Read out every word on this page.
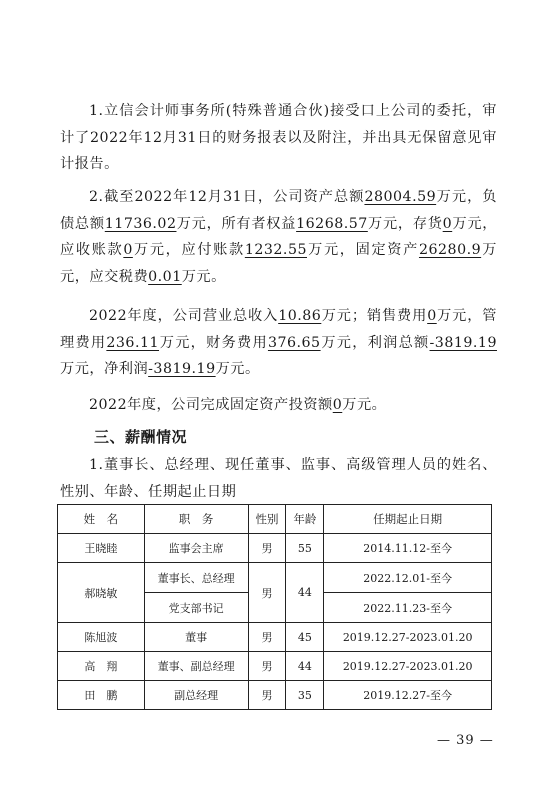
1.立信会计师事务所(特殊普通合伙)接受口上公司的委托，审计了2022年12月31日的财务报表以及附注，并出具无保留意见审计报告。

2.截至2022年12月31日，公司资产总额28004.59万元，负债总额11736.02万元，所有者权益16268.57万元，存货0万元，应收账款0万元，应付账款1232.55万元，固定资产26280.9万元，应交税费0.01万元。

2022年度，公司营业总收入10.86万元；销售费用0万元，管理费用236.11万元，财务费用376.65万元，利润总额-3819.19万元，净利润-3819.19万元。

2022年度，公司完成固定资产投资额0万元。

三、薪酬情况

1.董事长、总经理、现任董事、监事、高级管理人员的姓名、性别、年龄、任期起止日期

姓　名	职　务	性别	年龄	任期起止日期
王晓睦	监事会主席	男	55	2014.11.12-至今
郝晓敏	董事长、总经理	男	44	2022.12.01-至今
	党支部书记			2022.11.23-至今
陈旭波	董事	男	45	2019.12.27-2023.01.20
高　翔	董事、副总经理	男	44	2019.12.27-2023.01.20
田　鹏	副总经理	男	35	2019.12.27-至今
— 39 —
